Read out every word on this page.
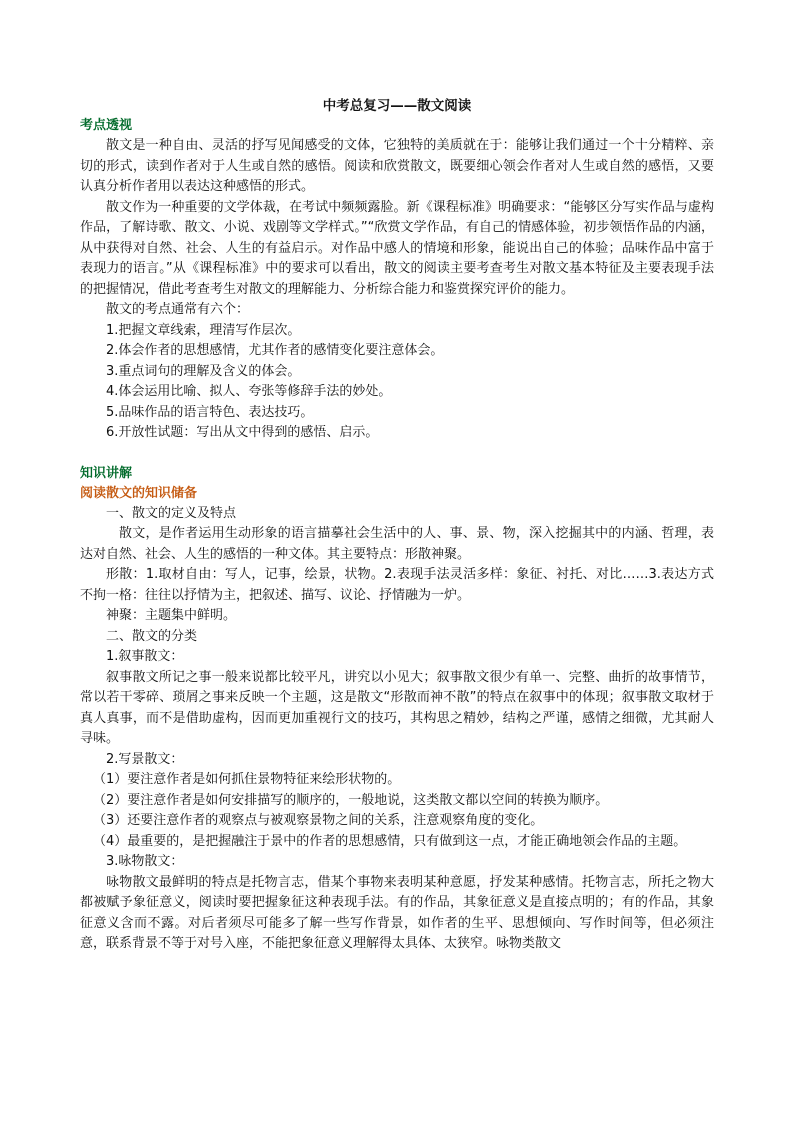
中考总复习——散文阅读

考点透视

散文是一种自由、灵活的抒写见闻感受的文体，它独特的美质就在于：能够让我们通过一个十分精粹、亲切的形式，读到作者对于人生或自然的感悟。阅读和欣赏散文，既要细心领会作者对人生或自然的感悟，又要认真分析作者用以表达这种感悟的形式。

散文作为一种重要的文学体裁，在考试中频频露脸。新《课程标准》明确要求：“能够区分写实作品与虚构作品，了解诗歌、散文、小说、戏剧等文学样式。”“欣赏文学作品，有自己的情感体验，初步领悟作品的内涵，从中获得对自然、社会、人生的有益启示。对作品中感人的情境和形象，能说出自己的体验；品味作品中富于表现力的语言。”从《课程标准》中的要求可以看出，散文的阅读主要考查考生对散文基本特征及主要表现手法的把握情况，借此考查考生对散文的理解能力、分析综合能力和鉴赏探究评价的能力。

散文的考点通常有六个：

1.把握文章线索，理清写作层次。

2.体会作者的思想感情，尤其作者的感情变化要注意体会。

3.重点词句的理解及含义的体会。

4.体会运用比喻、拟人、夸张等修辞手法的妙处。

5.品味作品的语言特色、表达技巧。

6.开放性试题：写出从文中得到的感悟、启示。

知识讲解

阅读散文的知识储备

一、散文的定义及特点

散文，是作者运用生动形象的语言描摹社会生活中的人、事、景、物，深入挖掘其中的内涵、哲理，表达对自然、社会、人生的感悟的一种文体。其主要特点：形散神聚。

形散：1.取材自由：写人，记事，绘景，状物。2.表现手法灵活多样：象征、衬托、对比……3.表达方式不拘一格：往往以抒情为主，把叙述、描写、议论、抒情融为一炉。

神聚：主题集中鲜明。

二、散文的分类

1.叙事散文：

叙事散文所记之事一般来说都比较平凡，讲究以小见大；叙事散文很少有单一、完整、曲折的故事情节，常以若干零碎、琐屑之事来反映一个主题，这是散文“形散而神不散”的特点在叙事中的体现；叙事散文取材于真人真事，而不是借助虚构，因而更加重视行文的技巧，其构思之精妙，结构之严谨，感情之细微，尤其耐人寻味。

2.写景散文：

（1）要注意作者是如何抓住景物特征来绘形状物的。

（2）要注意作者是如何安排描写的顺序的，一般地说，这类散文都以空间的转换为顺序。

（3）还要注意作者的观察点与被观察景物之间的关系，注意观察角度的变化。

（4）最重要的，是把握融注于景中的作者的思想感情，只有做到这一点，才能正确地领会作品的主题。

3.咏物散文：

咏物散文最鲜明的特点是托物言志，借某个事物来表明某种意愿，抒发某种感情。托物言志，所托之物大都被赋予象征意义，阅读时要把握象征这种表现手法。有的作品，其象征意义是直接点明的；有的作品，其象征意义含而不露。对后者须尽可能多了解一些写作背景，如作者的生平、思想倾向、写作时间等，但必须注意，联系背景不等于对号入座，不能把象征意义理解得太具体、太狭窄。咏物类散文
